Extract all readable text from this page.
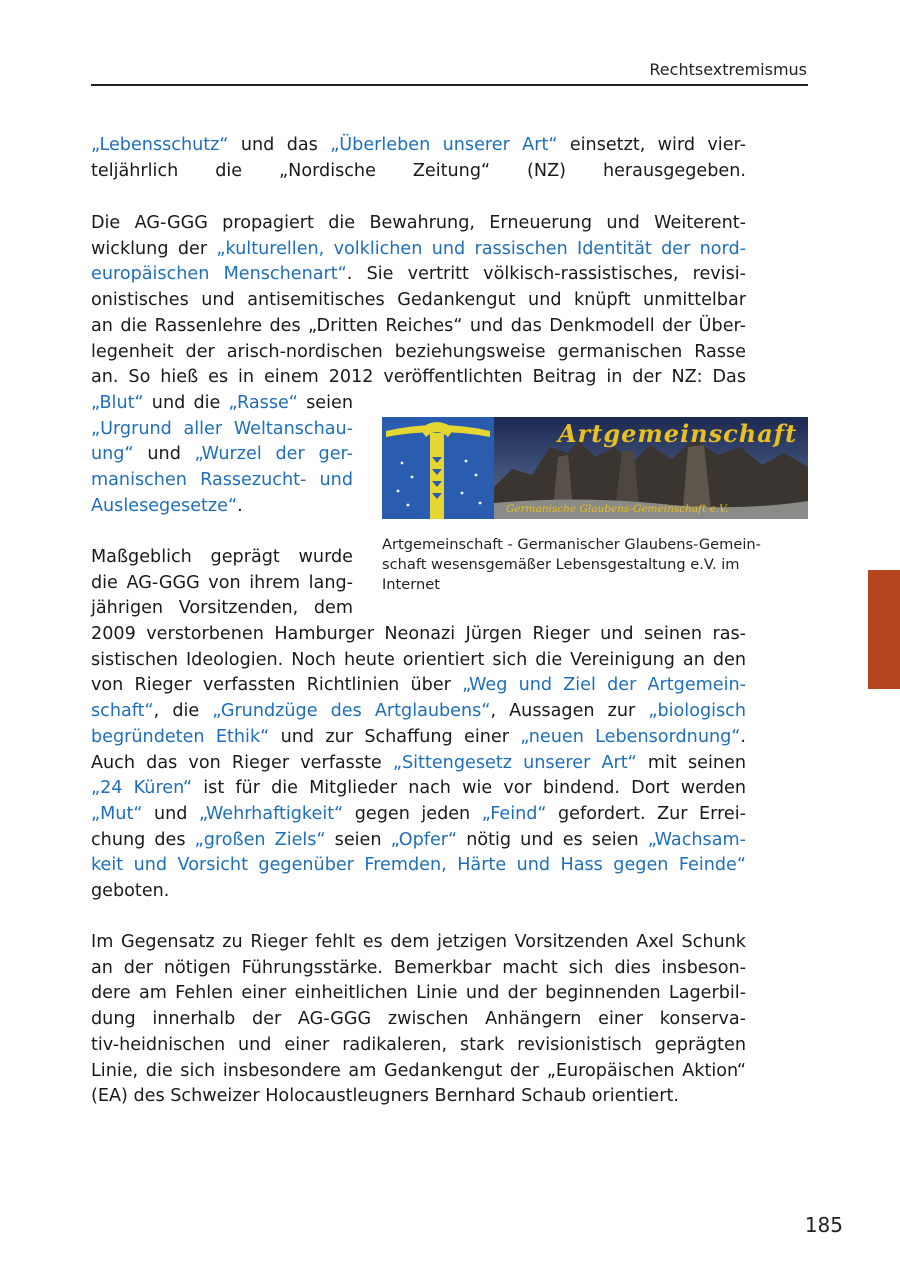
Rechtsextremismus
„Lebensschutz“ und das „Überleben unserer Art“ einsetzt, wird vier-
teljährlich die „Nordische Zeitung“ (NZ) herausgegeben.
Die AG-GGG propagiert die Bewahrung, Erneuerung und Weiterent-
wicklung der „kulturellen, volklichen und rassischen Identität der nord-
europäischen Menschenart“. Sie vertritt völkisch-rassistisches, revisi-
onistisches und antisemitisches Gedankengut und knüpft unmittelbar
an die Rassenlehre des „Dritten Reiches“ und das Denkmodell der Über-
legenheit der arisch-nordischen beziehungsweise germanischen Rasse
an. So hieß es in einem 2012 veröffentlichten Beitrag in der NZ: Das
„Blut“ und die „Rasse“ seien
„Urgrund aller Weltanschau-
ung“ und „Wurzel der ger-
manischen Rassezucht- und
Auslesegesetze“.
Maßgeblich geprägt wurde
die AG-GGG von ihrem lang-
jährigen Vorsitzenden, dem
2009 verstorbenen Hamburger Neonazi Jürgen Rieger und seinen ras-
sistischen Ideologien. Noch heute orientiert sich die Vereinigung an den
von Rieger verfassten Richtlinien über „Weg und Ziel der Artgemein-
schaft“, die „Grundzüge des Artglaubens“, Aussagen zur „biologisch
begründeten Ethik“ und zur Schaffung einer „neuen Lebensordnung“.
Auch das von Rieger verfasste „Sittengesetz unserer Art“ mit seinen
„24 Küren“ ist für die Mitglieder nach wie vor bindend. Dort werden
„Mut“ und „Wehrhaftigkeit“ gegen jeden „Feind“ gefordert. Zur Errei-
chung des „großen Ziels“ seien „Opfer“ nötig und es seien „Wachsam-
keit und Vorsicht gegenüber Fremden, Härte und Hass gegen Feinde“
geboten.
Im Gegensatz zu Rieger fehlt es dem jetzigen Vorsitzenden Axel Schunk
an der nötigen Führungsstärke. Bemerkbar macht sich dies insbeson-
dere am Fehlen einer einheitlichen Linie und der beginnenden Lagerbil-
dung innerhalb der AG-GGG zwischen Anhängern einer konserva-
tiv-heidnischen und einer radikaleren, stark revisionistisch geprägten
Linie, die sich insbesondere am Gedankengut der „Europäischen Aktion“
(EA) des Schweizer Holocaustleugners Bernhard Schaub orientiert.
Artgemeinschaft
Germanische Glaubens-Gemeinschaft e.V.
Artgemeinschaft - Germanischer Glaubens-Gemein-
schaft wesensgemäßer Lebensgestaltung e.V. im
Internet
185
